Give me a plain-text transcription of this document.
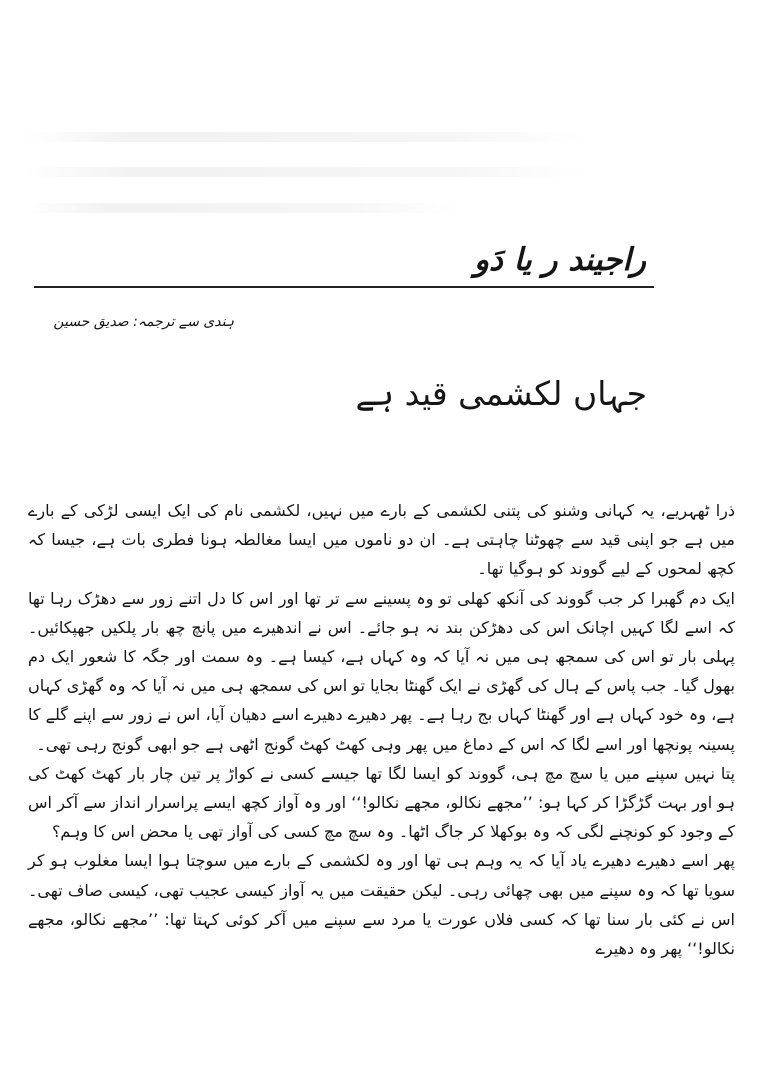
راجیند ر یا دَو
ہندی سے ترجمہ: صدیق حسین
جہاں لکشمی قید ہے

ذرا ٹھہریے، یہ کہانی وشنو کی پتنی لکشمی کے بارے میں نہیں، لکشمی نام کی ایک ایسی لڑکی کے بارے میں ہے جو اپنی قید سے چھوٹنا چاہتی ہے۔ ان دو ناموں میں ایسا مغالطہ ہونا فطری بات ہے، جیسا کہ کچھ لمحوں کے لیے گووند کو ہوگیا تھا۔

ایک دم گھبرا کر جب گووند کی آنکھ کھلی تو وہ پسینے سے تر تھا اور اس کا دل اتنے زور سے دھڑک رہا تھا کہ اسے لگا کہیں اچانک اس کی دھڑکن بند نہ ہو جائے۔ اس نے اندھیرے میں پانچ چھ بار پلکیں جھپکائیں۔ پہلی بار تو اس کی سمجھ ہی میں نہ آیا کہ وہ کہاں ہے، کیسا ہے۔ وہ سمت اور جگہ کا شعور ایک دم بھول گیا۔ جب پاس کے ہال کی گھڑی نے ایک گھنٹا بجایا تو اس کی سمجھ ہی میں نہ آیا کہ وہ گھڑی کہاں ہے، وہ خود کہاں ہے اور گھنٹا کہاں بج رہا ہے۔ پھر دھیرے دھیرے اسے دھیان آیا، اس نے زور سے اپنے گلے کا پسینہ پونچھا اور اسے لگا کہ اس کے دماغ میں پھر وہی کھٹ کھٹ گونج اٹھی ہے جو ابھی گونج رہی تھی۔

پتا نہیں سپنے میں یا سچ مچ ہی، گووند کو ایسا لگا تھا جیسے کسی نے کواڑ پر تین چار بار کھٹ کھٹ کی ہو اور بہت گڑگڑا کر کہا ہو: ’’مجھے نکالو، مجھے نکالو!‘‘ اور وہ آواز کچھ ایسے پراسرار انداز سے آکر اس کے وجود کو کونچنے لگی کہ وہ بوکھلا کر جاگ اٹھا۔ وہ سچ مچ کسی کی آواز تھی یا محض اس کا وہم؟

پھر اسے دھیرے دھیرے یاد آیا کہ یہ وہم ہی تھا اور وہ لکشمی کے بارے میں سوچتا ہوا ایسا مغلوب ہو کر سویا تھا کہ وہ سپنے میں بھی چھائی رہی۔ لیکن حقیقت میں یہ آواز کیسی عجیب تھی، کیسی صاف تھی۔ اس نے کئی بار سنا تھا کہ کسی فلاں عورت یا مرد سے سپنے میں آکر کوئی کہتا تھا: ’’مجھے نکالو، مجھے نکالو!‘‘ پھر وہ دھیرے
